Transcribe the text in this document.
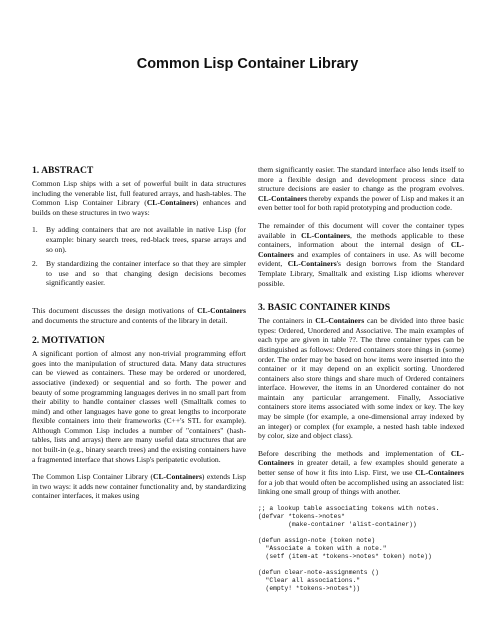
Common Lisp Container Library
1. ABSTRACT

Common Lisp ships with a set of powerful built in data structures including the venerable list, full featured arrays, and hash-tables. The Common Lisp Container Library (CL-Containers) enhances and builds on these structures in two ways:

1. By adding containers that are not available in native Lisp (for example: binary search trees, red-black trees, sparse arrays and so on).
2. By standardizing the container interface so that they are simpler to use and so that changing design decisions becomes significantly easier.

This document discusses the design motivations of CL-Containers and documents the structure and contents of the library in detail.

2. MOTIVATION

A significant portion of almost any non-trivial programming effort goes into the manipulation of structured data. Many data structures can be viewed as containers. These may be ordered or unordered, associative (indexed) or sequential and so forth. The power and beauty of some programming languages derives in no small part from their ability to handle container classes well (Smalltalk comes to mind) and other languages have gone to great lengths to incorporate flexible containers into their frameworks (C++'s STL for example). Although Common Lisp includes a number of "containers" (hash-tables, lists and arrays) there are many useful data structures that are not built-in (e.g., binary search trees) and the existing containers have a fragmented interface that shows Lisp's peripatetic evolution.

The Common Lisp Container Library (CL-Containers) extends Lisp in two ways: it adds new container functionality and, by standardizing container interfaces, it makes using

them significantly easier. The standard interface also lends itself to more a flexible design and development process since data structure decisions are easier to change as the program evolves. CL-Containers thereby expands the power of Lisp and makes it an even better tool for both rapid prototyping and production code.

The remainder of this document will cover the container types available in CL-Containers, the methods applicable to these containers, information about the internal design of CL-Containers and examples of containers in use. As will become evident, CL-Containers's design borrows from the Standard Template Library, Smalltalk and existing Lisp idioms wherever possible.

3. BASIC CONTAINER KINDS

The containers in CL-Containers can be divided into three basic types: Ordered, Unordered and Associative. The main examples of each type are given in table ??. The three container types can be distinguished as follows: Ordered containers store things in (some) order. The order may be based on how items were inserted into the container or it may depend on an explicit sorting. Unordered containers also store things and share much of Ordered containers interface. However, the items in an Unordered container do not maintain any particular arrangement. Finally, Associative containers store items associated with some index or key. The key may be simple (for example, a one-dimensional array indexed by an integer) or complex (for example, a nested hash table indexed by color, size and object class).

Before describing the methods and implementation of CL-Containers in greater detail, a few examples should generate a better sense of how it fits into Lisp. First, we use CL-Containers for a job that would often be accomplished using an associated list: linking one small group of things with another.

;; a lookup table associating tokens with notes.
(defvar *tokens->notes*
(make-container 'alist-container))

(defun assign-note (token note)
"Associate a token with a note."
(setf (item-at *tokens->notes* token) note))

(defun clear-note-assignments ()
"Clear all associations."
(empty! *tokens->notes*))
